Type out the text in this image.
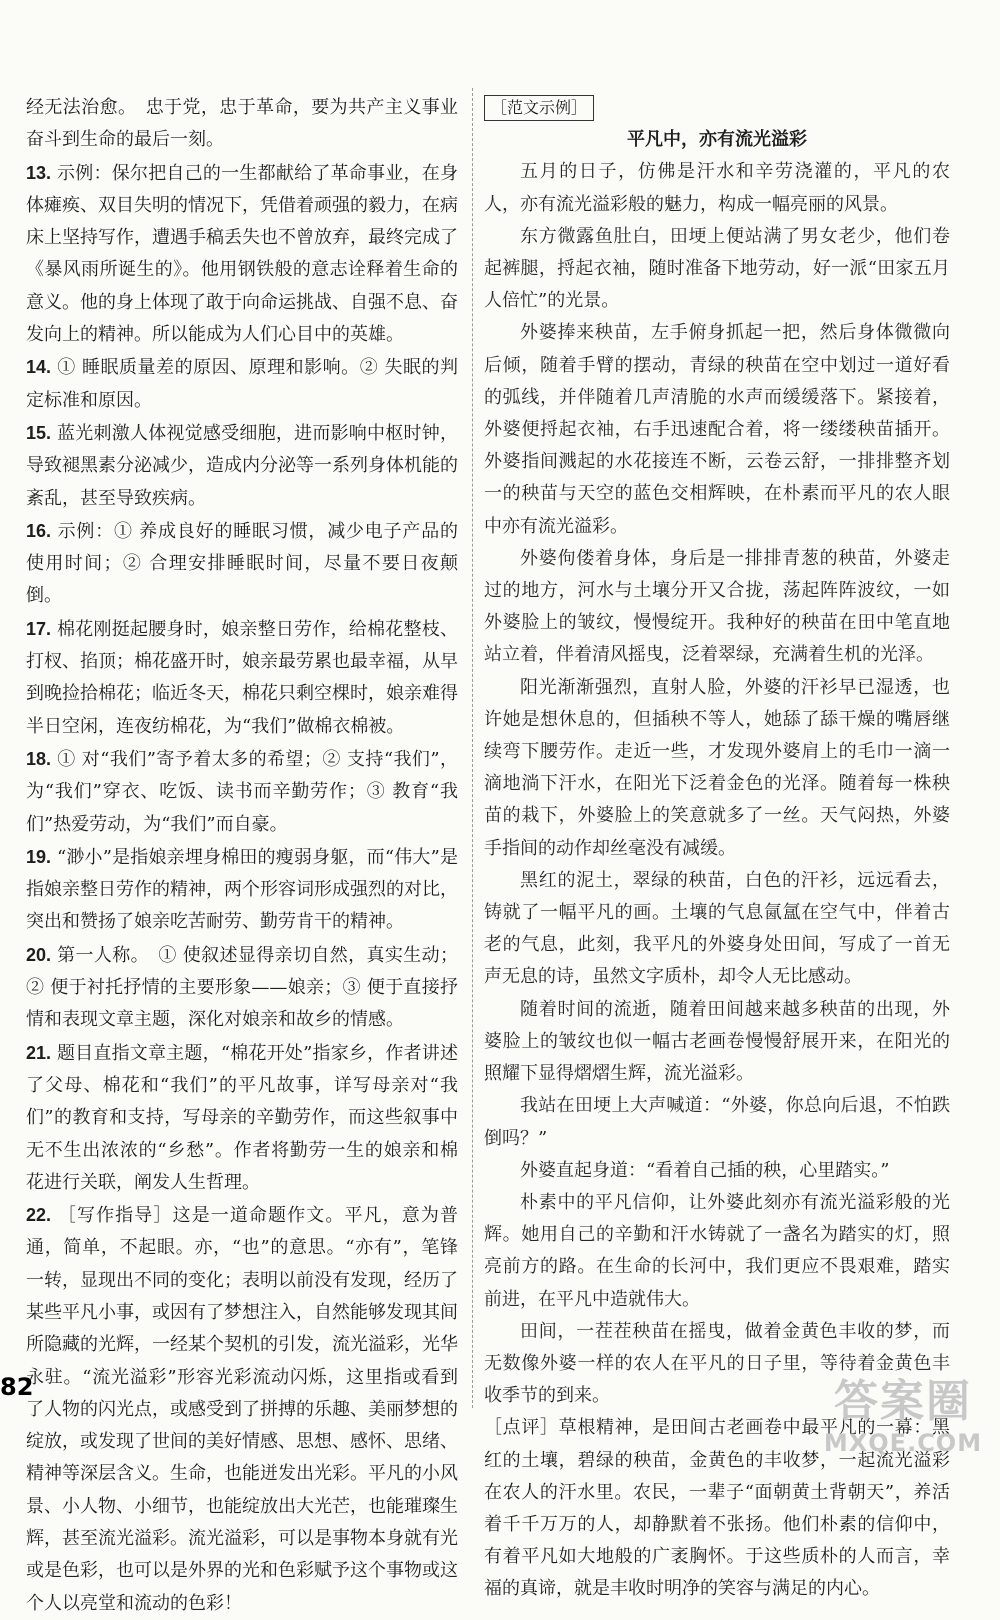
经无法治愈。　忠于党，忠于革命，要为共产主义事业奋斗到生命的最后一刻。

13. 示例：保尔把自己的一生都献给了革命事业，在身体瘫痪、双目失明的情况下，凭借着顽强的毅力，在病床上坚持写作，遭遇手稿丢失也不曾放弃，最终完成了《暴风雨所诞生的》。他用钢铁般的意志诠释着生命的意义。他的身上体现了敢于向命运挑战、自强不息、奋发向上的精神。所以能成为人们心目中的英雄。

14. ① 睡眠质量差的原因、原理和影响。② 失眠的判定标准和原因。

15. 蓝光刺激人体视觉感受细胞，进而影响中枢时钟，导致褪黑素分泌减少，造成内分泌等一系列身体机能的紊乱，甚至导致疾病。

16. 示例：① 养成良好的睡眠习惯，减少电子产品的使用时间；② 合理安排睡眠时间，尽量不要日夜颠倒。

17. 棉花刚挺起腰身时，娘亲整日劳作，给棉花整枝、打杈、掐顶；棉花盛开时，娘亲最劳累也最幸福，从早到晚捡拾棉花；临近冬天，棉花只剩空棵时，娘亲难得半日空闲，连夜纺棉花，为“我们”做棉衣棉被。

18. ① 对“我们”寄予着太多的希望；② 支持“我们”，为“我们”穿衣、吃饭、读书而辛勤劳作；③ 教育“我们”热爱劳动，为“我们”而自豪。

19. “渺小”是指娘亲埋身棉田的瘦弱身躯，而“伟大”是指娘亲整日劳作的精神，两个形容词形成强烈的对比，突出和赞扬了娘亲吃苦耐劳、勤劳肯干的精神。

20. 第一人称。　① 使叙述显得亲切自然，真实生动；② 便于衬托抒情的主要形象——娘亲；③ 便于直接抒情和表现文章主题，深化对娘亲和故乡的情感。

21. 题目直指文章主题，“棉花开处”指家乡，作者讲述了父母、棉花和“我们”的平凡故事，详写母亲对“我们”的教育和支持，写母亲的辛勤劳作，而这些叙事中无不生出浓浓的“乡愁”。作者将勤劳一生的娘亲和棉花进行关联，阐发人生哲理。

22. ［写作指导］这是一道命题作文。平凡，意为普通，简单，不起眼。亦，“也”的意思。“亦有”，笔锋一转，显现出不同的变化；表明以前没有发现，经历了某些平凡小事，或因有了梦想注入，自然能够发现其间所隐藏的光辉，一经某个契机的引发，流光溢彩，光华永驻。“流光溢彩”形容光彩流动闪烁，这里指或看到了人物的闪光点，或感受到了拼搏的乐趣、美丽梦想的绽放，或发现了世间的美好情感、思想、感怀、思绪、精神等深层含义。生命，也能迸发出光彩。平凡的小风景、小人物、小细节，也能绽放出大光芒，也能璀璨生辉，甚至流光溢彩。流光溢彩，可以是事物本身就有光或是色彩，也可以是外界的光和色彩赋予这个事物或这个人以亮堂和流动的色彩！

［范文示例］

平凡中，亦有流光溢彩

五月的日子，仿佛是汗水和辛劳浇灌的，平凡的农人，亦有流光溢彩般的魅力，构成一幅亮丽的风景。

东方微露鱼肚白，田埂上便站满了男女老少，他们卷起裤腿，捋起衣袖，随时准备下地劳动，好一派“田家五月人倍忙”的光景。

外婆捧来秧苗，左手俯身抓起一把，然后身体微微向后倾，随着手臂的摆动，青绿的秧苗在空中划过一道好看的弧线，并伴随着几声清脆的水声而缓缓落下。紧接着，外婆便捋起衣袖，右手迅速配合着，将一缕缕秧苗插开。外婆指间溅起的水花接连不断，云卷云舒，一排排整齐划一的秧苗与天空的蓝色交相辉映，在朴素而平凡的农人眼中亦有流光溢彩。

外婆佝偻着身体，身后是一排排青葱的秧苗，外婆走过的地方，河水与土壤分开又合拢，荡起阵阵波纹，一如外婆脸上的皱纹，慢慢绽开。我种好的秧苗在田中笔直地站立着，伴着清风摇曳，泛着翠绿，充满着生机的光泽。

阳光渐渐强烈，直射人脸，外婆的汗衫早已湿透，也许她是想休息的，但插秧不等人，她舔了舔干燥的嘴唇继续弯下腰劳作。走近一些，才发现外婆肩上的毛巾一滴一滴地淌下汗水，在阳光下泛着金色的光泽。随着每一株秧苗的栽下，外婆脸上的笑意就多了一丝。天气闷热，外婆手指间的动作却丝毫没有减缓。

黑红的泥土，翠绿的秧苗，白色的汗衫，远远看去，铸就了一幅平凡的画。土壤的气息氤氲在空气中，伴着古老的气息，此刻，我平凡的外婆身处田间，写成了一首无声无息的诗，虽然文字质朴，却令人无比感动。

随着时间的流逝，随着田间越来越多秧苗的出现，外婆脸上的皱纹也似一幅古老画卷慢慢舒展开来，在阳光的照耀下显得熠熠生辉，流光溢彩。

我站在田埂上大声喊道：“外婆，你总向后退，不怕跌倒吗？”

外婆直起身道：“看着自己插的秧，心里踏实。”

朴素中的平凡信仰，让外婆此刻亦有流光溢彩般的光辉。她用自己的辛勤和汗水铸就了一盏名为踏实的灯，照亮前方的路。在生命的长河中，我们更应不畏艰难，踏实前进，在平凡中造就伟大。

田间，一茬茬秧苗在摇曳，做着金黄色丰收的梦，而无数像外婆一样的农人在平凡的日子里，等待着金黄色丰收季节的到来。

［点评］草根精神，是田间古老画卷中最平凡的一幕：黑红的土壤，碧绿的秧苗，金黄色的丰收梦，一起流光溢彩在农人的汗水里。农民，一辈子“面朝黄土背朝天”，养活着千千万万的人，却静默着不张扬。他们朴素的信仰中，有着平凡如大地般的广袤胸怀。于这些质朴的人而言，幸福的真谛，就是丰收时明净的笑容与满足的内心。

82	答案圈
MXQE.COM
